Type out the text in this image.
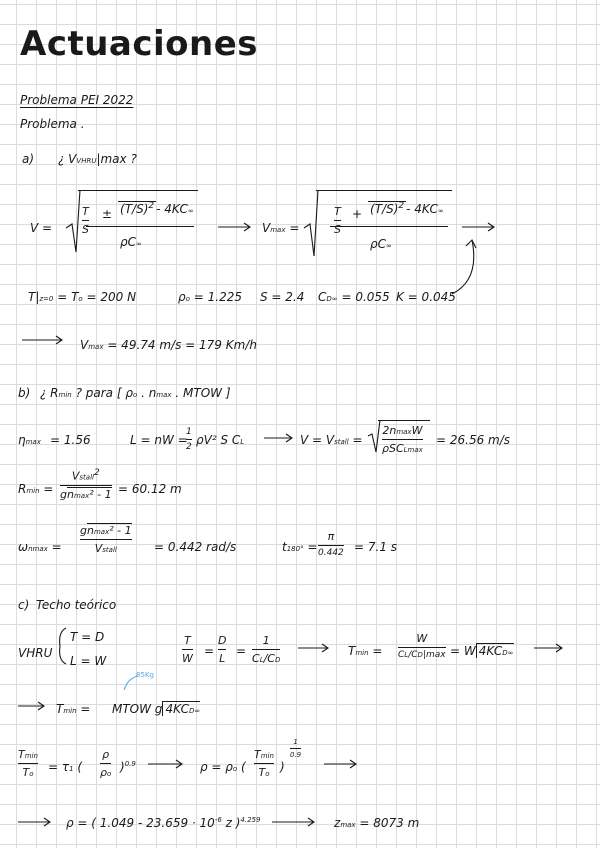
Actuaciones
Problema PEI 2022
Problema .
a) ¿ VVHRU|max ?
V =
T
S
± $(T/S)^2 - 4KC\infty$
ρC∞
Vmax =
T
S
+ $(T/S)^2 - 4KC\infty$
ρC∞
T|z=0 = To = 200 N	ρo = 1.225 S = 2.4 CD∞ = 0.055 K = 0.045
Vmax = 49.74 m/s = 179 Km/h
b) ¿ Rmin ? para [ ρo . nmax . MTOW ]
ηmax = 1.56	L = nW =
1
2 ρV² S CL	V = Vstall =
2nmaxW
ρSCLmax
= 26.56 m/s
Rmin =
Vstall$^2$
gnmax² - 1 = 60.12 m
ωnmax =
gnmax² - 1
Vstall	= 0.442 rad/s	t180° =
π
0.442 = 7.1 s
c) Techo teórico
VHRU
T = D
L = W
T
W
=
D
L
=
1
CL/CD
Tmin =
W
CL/CD|max = W 4KCD∞
85Kg
Tmin = MTOW g 4KCD∞
Tmin
To = τ1 (
ρ
ρo )$^{0.9}$	ρ = ρo (
Tmin
To )
1
0.9
ρ = ( $1.049 - 23.659 \cdot 10^{-6}$ z )$^{4.259}$	zmax = 8073 m
